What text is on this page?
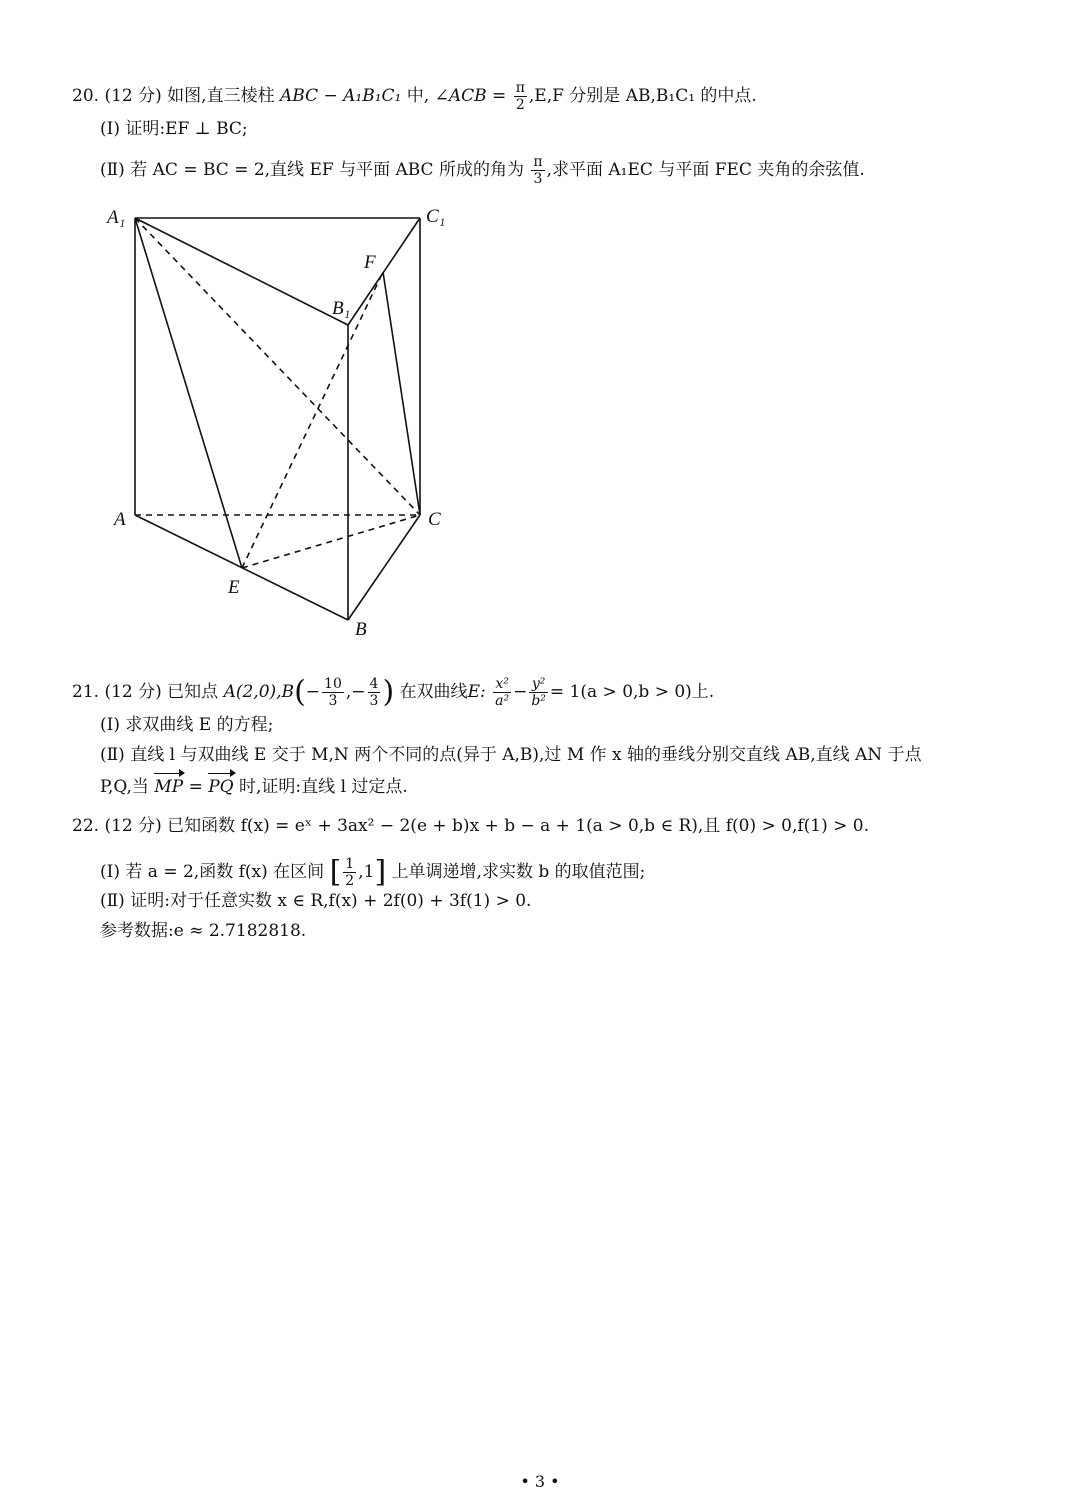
20. (12 分) 如图,直三棱柱 ABC − A₁B₁C₁ 中, ∠ACB = $\frac{\pi}{2} ,E,F$ 分别是 AB,B₁C₁ 的中点.
(Ⅰ) 证明:EF ⊥ BC;
(Ⅱ) 若 AC = BC = 2,直线 EF 与平面 ABC 所成的角为 $\frac{\pi}{3}$ ,求平面 A₁EC 与平面 FEC 夹角的余弦值.
A₁	C₁
F
B₁
A	C
E
B
21. (12 分) 已知点 $A(2,0),B(- \frac{10}{3}$ ,− $\frac{4}{3}$ ) 在双曲线E: $\frac{\text{x²}}{\text{a²}} - \frac{\text{y²}}{\text{b²}} = 1(a > 0,b > 0)$上.
(Ⅰ) 求双曲线 E 的方程;
(Ⅱ) 直线 l 与双曲线 E 交于 M,N 两个不同的点(异于 A,B),过 M 作 x 轴的垂线分别交直线 AB,直线 AN 于点
P,Q,当 MP = PQ 时,证明:直线 l 过定点.
22. (12 分) 已知函数 f(x) = eˣ + 3ax² − 2(e + b)x + b − a + 1(a > 0,b ∈ R),且 f(0) > 0,f(1) > 0.
(Ⅰ) 若 a = 2,函数 f(x) 在区间 [ $\frac{1}{2} ,1$] 上单调递增,求实数 b 的取值范围;
(Ⅱ) 证明:对于任意实数 x ∈ R,f(x) + 2f(0) + 3f(1) > 0.
参考数据:e ≈ 2.7182818.
• 3 •
